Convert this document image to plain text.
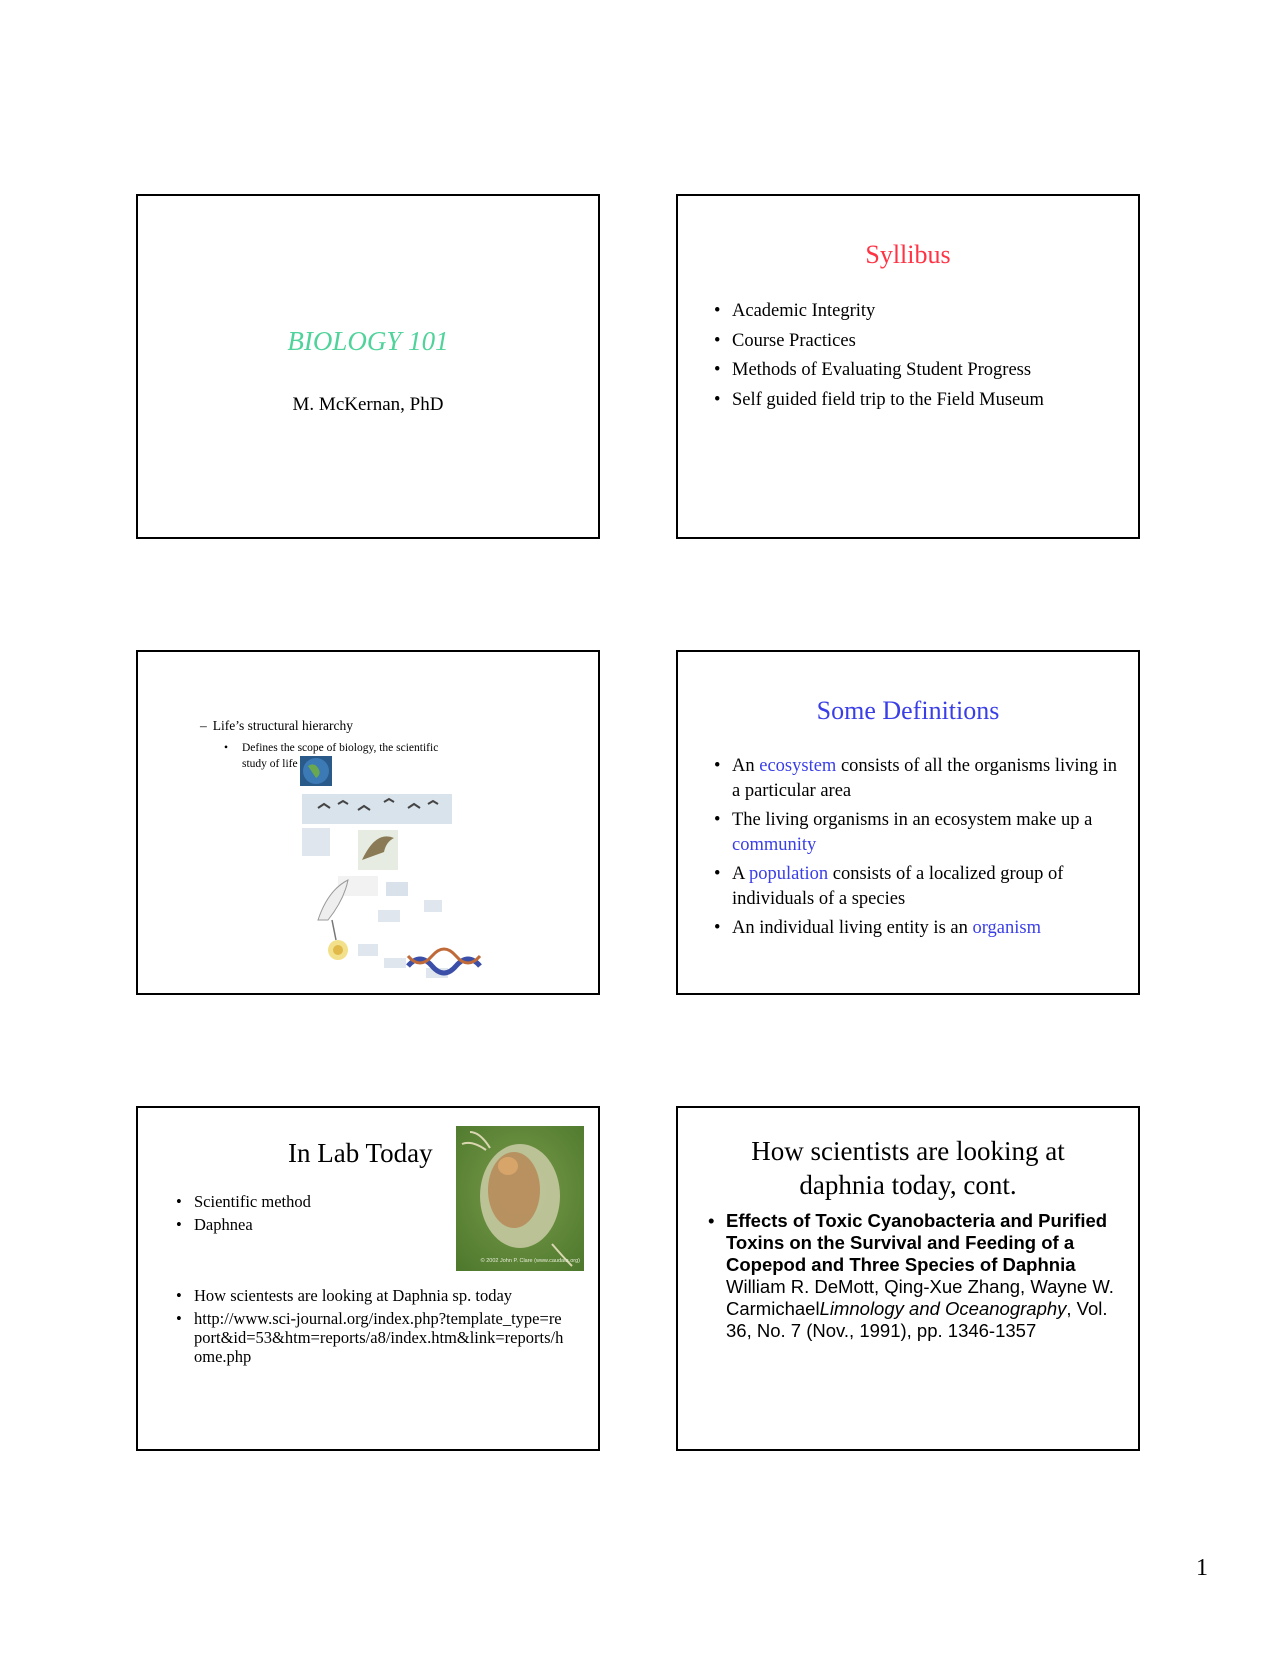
BIOLOGY 101
M. McKernan, PhD
Syllibus
• Academic Integrity
• Course Practices
• Methods of Evaluating Student Progress
• Self guided field trip to the Field Museum
– Life’s structural hierarchy
• Defines the scope of biology, the scientific study of life
Some Definitions
• An ecosystem consists of all the organisms living in a particular area
• The living organisms in an ecosystem make up a community
• A population consists of a localized group of individuals of a species
• An individual living entity is an organism
In Lab Today
• Scientific method
• Daphnea
© 2002 John P. Clare (www.caudata.org)
• How scientests are looking at Daphnia sp. today
• http://www.sci-journal.org/index.php?template_type=report&id=53&htm=reports/a8/index.htm&link=reports/home.php
How scientists are looking at
daphnia today, cont.
• Effects of Toxic Cyanobacteria and Purified Toxins on the Survival and Feeding of a Copepod and Three Species of Daphnia William R. DeMott, Qing-Xue Zhang, Wayne W. CarmichaelLimnology and Oceanography, Vol. 36, No. 7 (Nov., 1991), pp. 1346-1357
1
